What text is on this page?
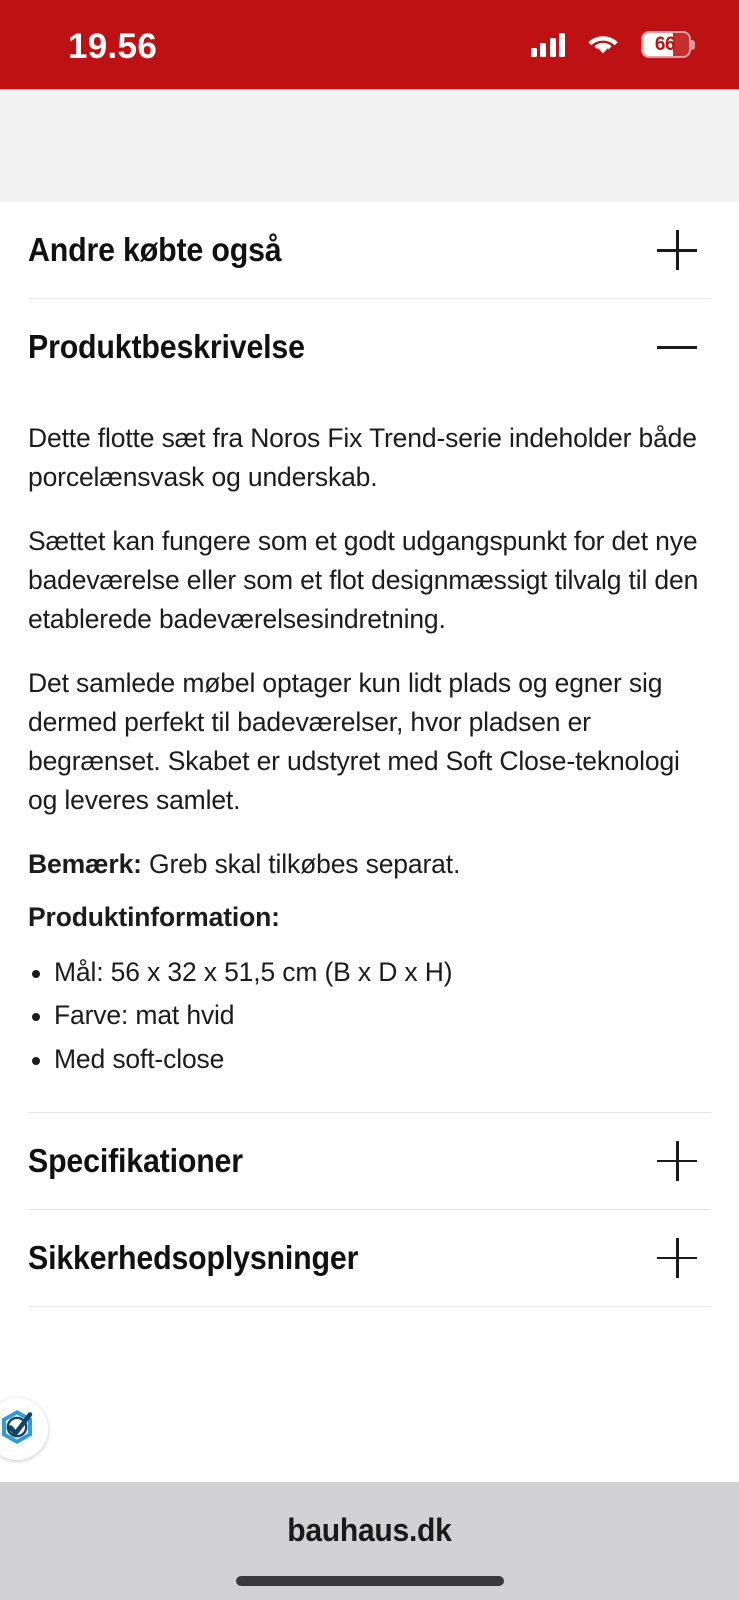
19.56	66
Andre købte også
Produktbeskrivelse

Dette flotte sæt fra Noros Fix Trend-serie indeholder både porcelænsvask og underskab.

Sættet kan fungere som et godt udgangspunkt for det nye badeværelse eller som et flot designmæssigt tilvalg til den etablerede badeværelsesindretning.

Det samlede møbel optager kun lidt plads og egner sig dermed perfekt til badeværelser, hvor pladsen er begrænset. Skabet er udstyret med Soft Close-teknologi og leveres samlet.

Bemærk: Greb skal tilkøbes separat.

Produktinformation:

Mål: 56 x 32 x 51,5 cm (B x D x H)
Farve: mat hvid
Med soft-close
Specifikationer
Sikkerhedsoplysninger
bauhaus.dk
